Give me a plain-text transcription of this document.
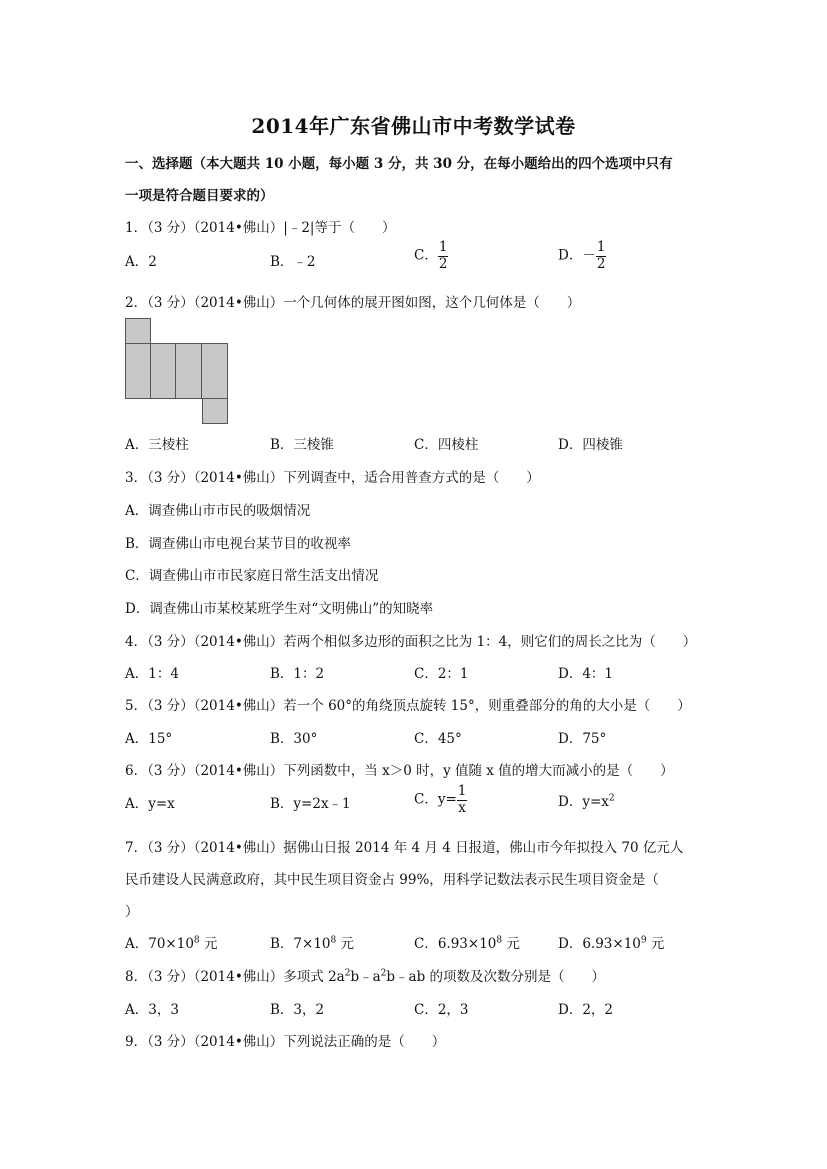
2014年广东省佛山市中考数学试卷
一、选择题（本大题共 10 小题，每小题 3 分，共 30 分，在每小题给出的四个选项中只有
一项是符合题目要求的）
1．（3 分）（2014•佛山）|﹣2|等于（　　）
A．2	B．﹣2	C． $\frac{1}{2}$	D．－ $\frac{1}{2}$
2．（3 分）（2014•佛山）一个几何体的展开图如图，这个几何体是（　　）
A．三棱柱	B．三棱锥	C．四棱柱	D．四棱锥
3．（3 分）（2014•佛山）下列调查中，适合用普查方式的是（　　）
A．调查佛山市市民的吸烟情况
B．调查佛山市电视台某节目的收视率
C．调查佛山市市民家庭日常生活支出情况
D．调查佛山市某校某班学生对“文明佛山”的知晓率
4．（3 分）（2014•佛山）若两个相似多边形的面积之比为 1：4，则它们的周长之比为（　　）
A．1：4	B．1：2	C．2：1	D．4：1
5．（3 分）（2014•佛山）若一个 60°的角绕顶点旋转 15°，则重叠部分的角的大小是（　　）
A．15°	B．30°	C．45°	D．75°
6．（3 分）（2014•佛山）下列函数中，当 x＞0 时，y 值随 x 值的增大而减小的是（　　）
A．y=x	B．y=2x﹣1	C．$y= \frac{1}{x}$	D．$y=x^2$
7．（3 分）（2014•佛山）据佛山日报 2014 年 4 月 4 日报道，佛山市今年拟投入 70 亿元人
民币建设人民满意政府，其中民生项目资金占 99%，用科学记数法表示民生项目资金是（
）
A．$70\times 10^8$ 元	B．$7\times 10^8$ 元	C．$6.93\times 10^8$ 元	D．$6.93\times 10^9$ 元
8．（3 分）（2014•佛山）多项式 $2a^2b﹣a^2b﹣ab$ 的项数及次数分别是（　　）
A．3，3	B．3，2	C．2，3	D．2，2
9．（3 分）（2014•佛山）下列说法正确的是（　　）
